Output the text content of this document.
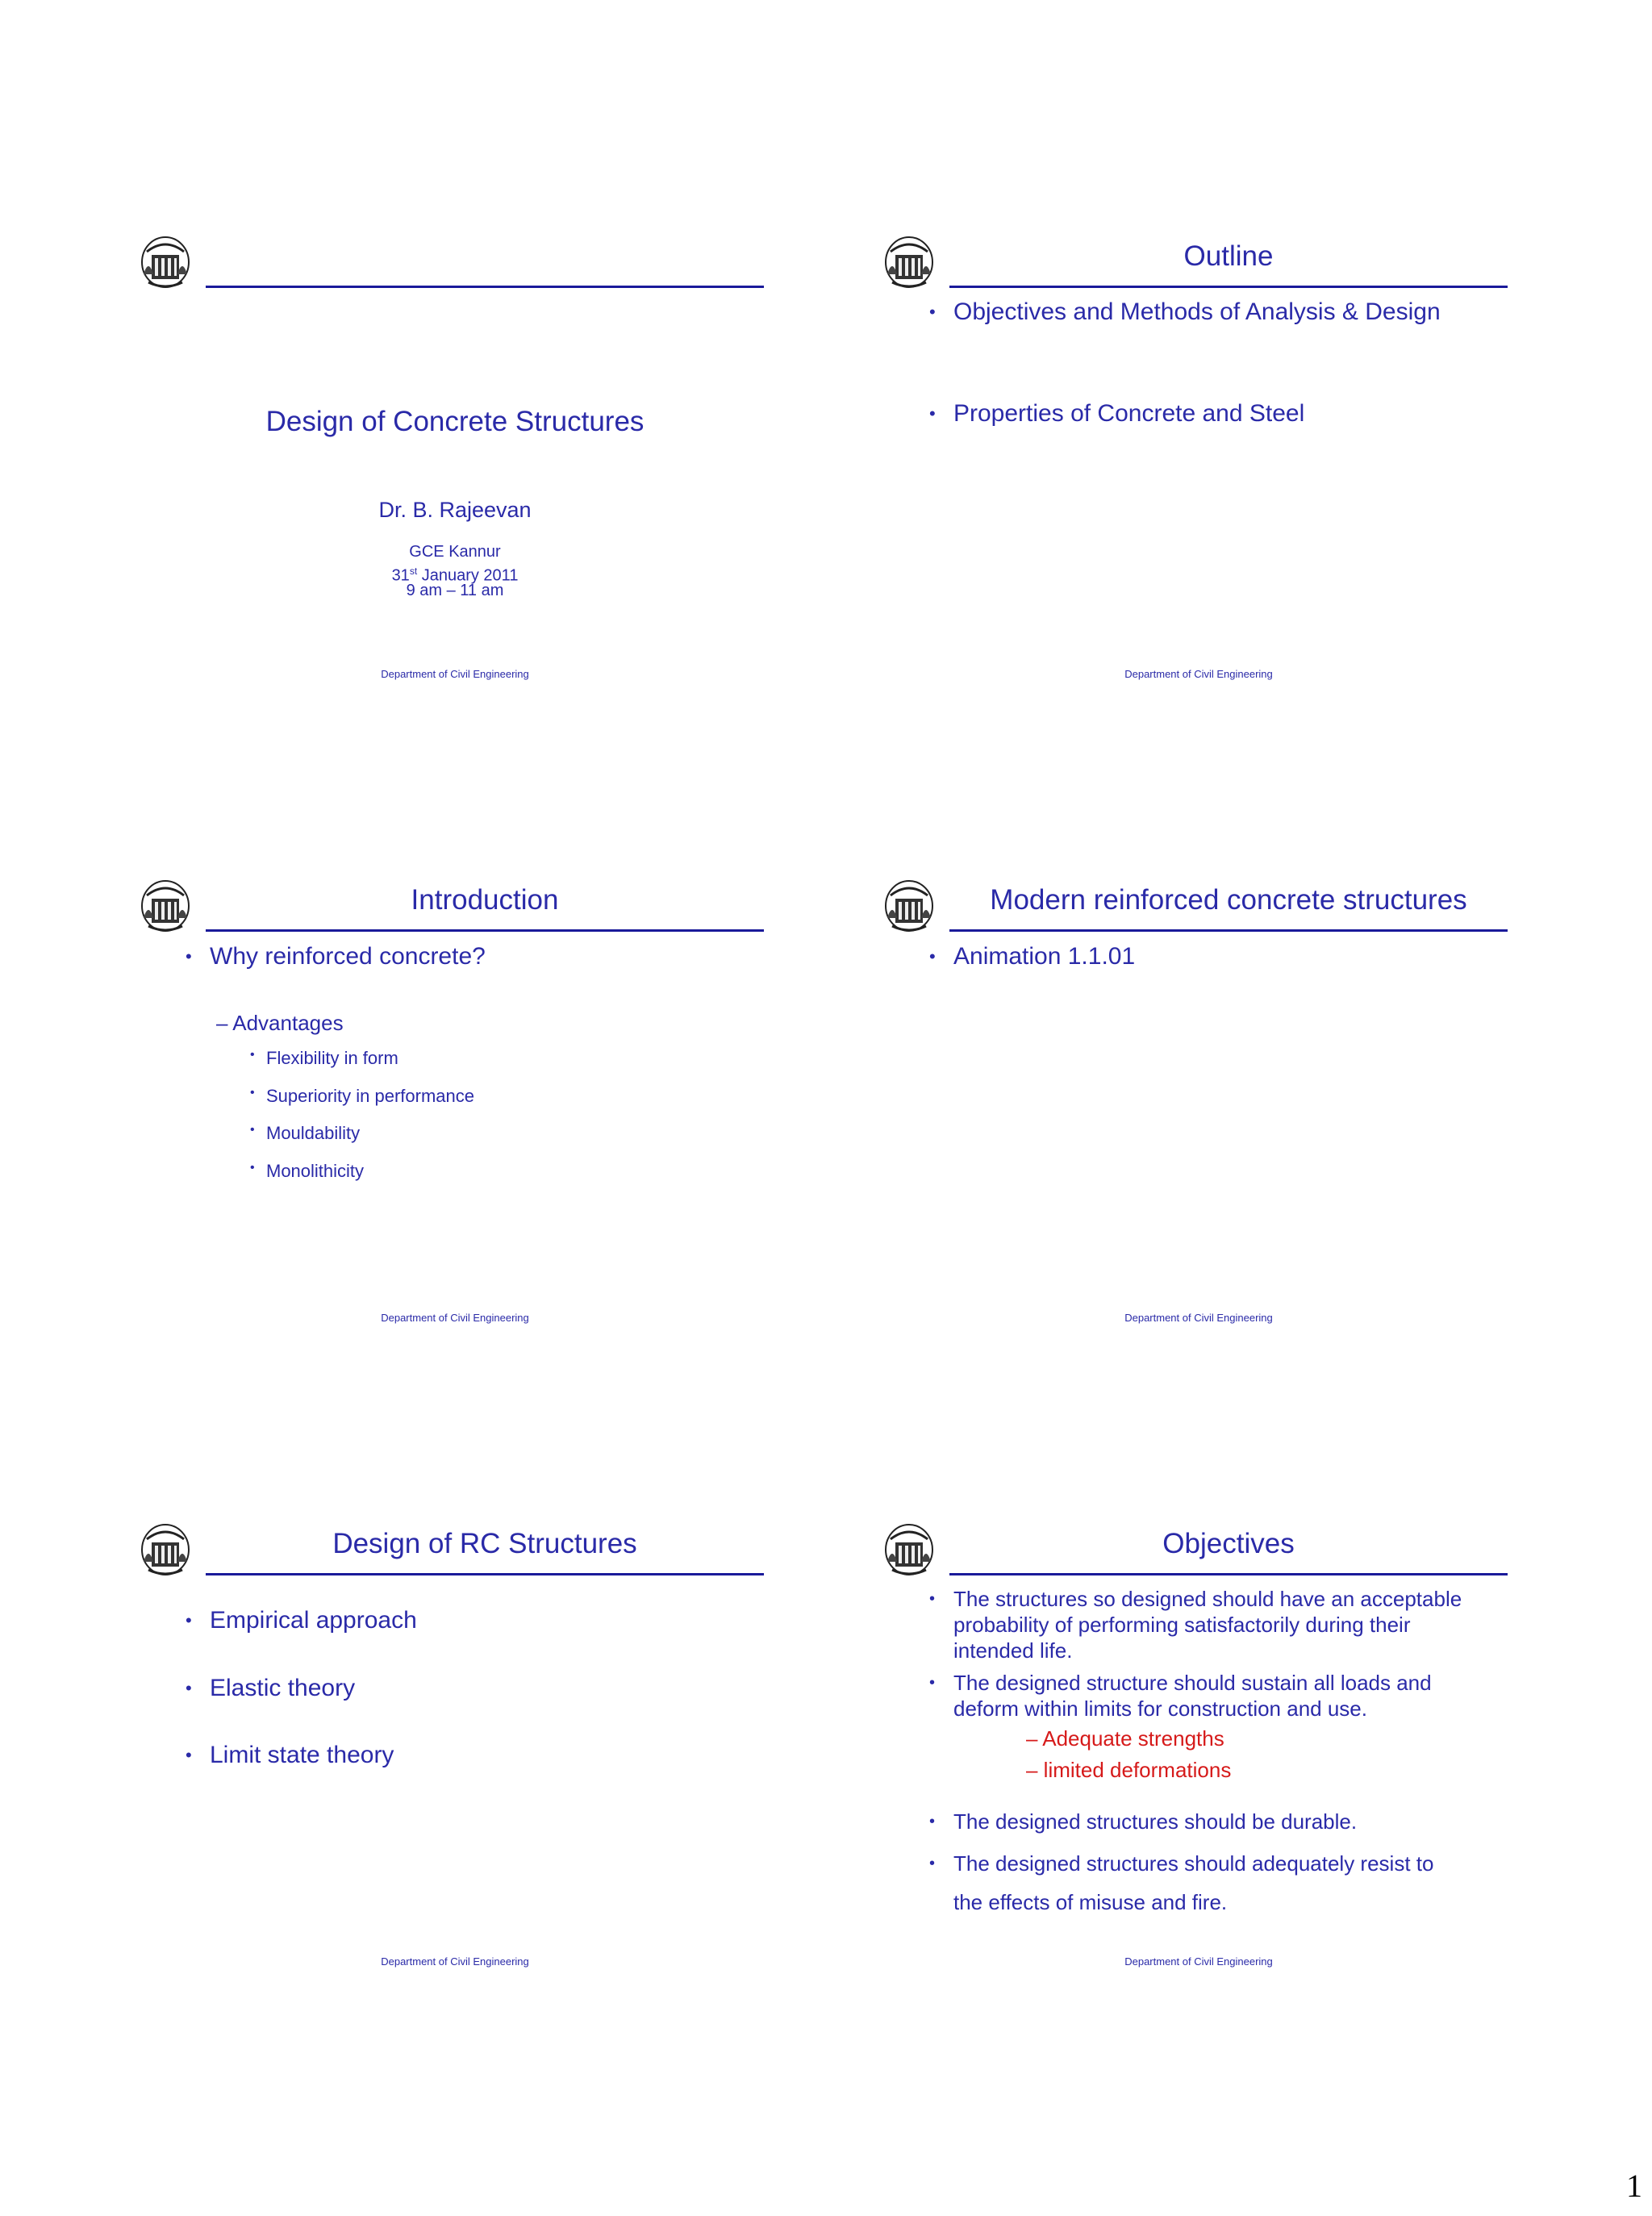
Design of Concrete Structures
Dr. B. Rajeevan
GCE Kannur
31st January 2011
9 am – 11 am
Department of Civil Engineering
Outline
• Objectives and Methods of Analysis & Design
• Properties of Concrete and Steel
Department of Civil Engineering
Introduction
• Why reinforced concrete?
– Advantages
• Flexibility in form
• Superiority in performance
• Mouldability
• Monolithicity
Department of Civil Engineering
Modern reinforced concrete structures
• Animation 1.1.01
Department of Civil Engineering
Design of RC Structures
• Empirical approach
• Elastic theory
• Limit state theory
Department of Civil Engineering
Objectives
• The structures so designed should have an acceptable probability of performing satisfactorily during their intended life.
• The designed structure should sustain all loads and deform within limits for construction and use.
– Adequate strengths
– limited deformations
• The designed structures should be durable.
• The designed structures should adequately resist to
the effects of misuse and fire.
Department of Civil Engineering
1
